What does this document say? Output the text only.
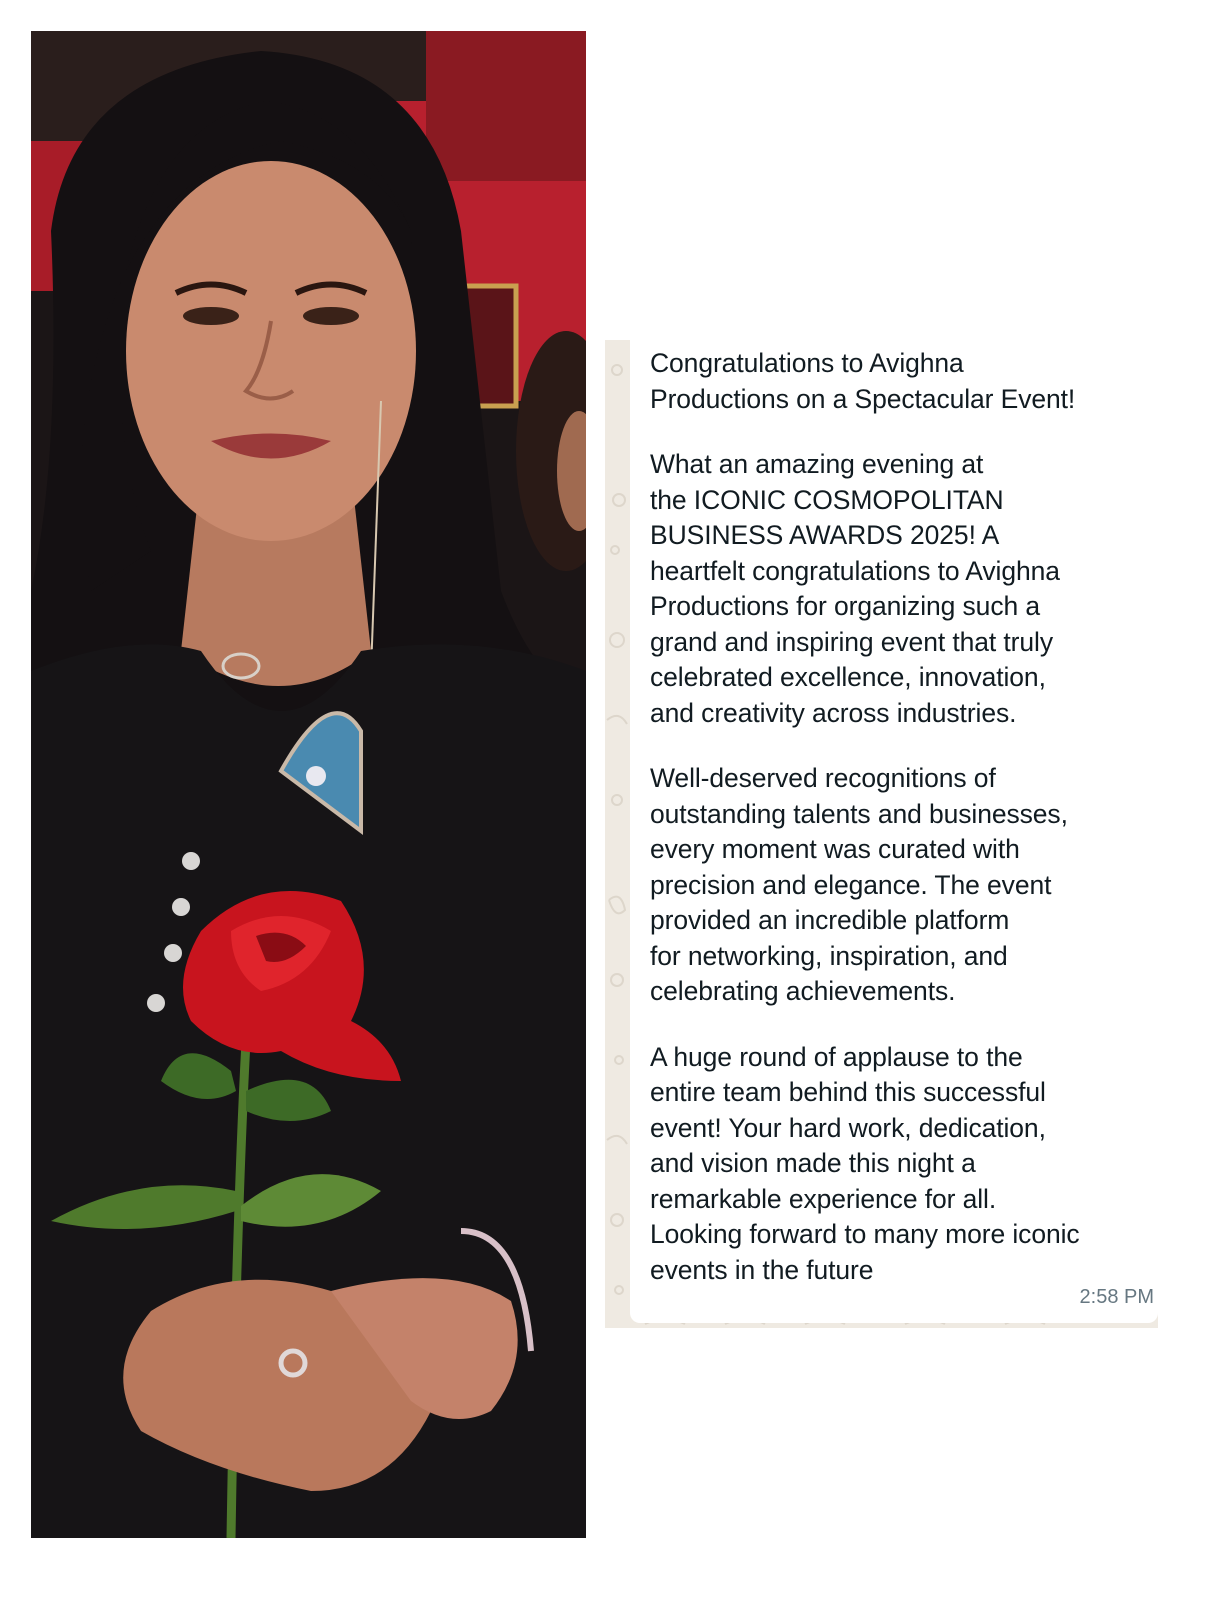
Congratulations to Avighna
Productions on a Spectacular Event!

What an amazing evening at
the ICONIC COSMOPOLITAN
BUSINESS AWARDS 2025! A
heartfelt congratulations to Avighna
Productions for organizing such a
grand and inspiring event that truly
celebrated excellence, innovation,
and creativity across industries.

Well-deserved recognitions of
outstanding talents and businesses,
every moment was curated with
precision and elegance. The event
provided an incredible platform
for networking, inspiration, and
celebrating achievements.

A huge round of applause to the
entire team behind this successful
event! Your hard work, dedication,
and vision made this night a
remarkable experience for all.
Looking forward to many more iconic
events in the future

2:58 PM
